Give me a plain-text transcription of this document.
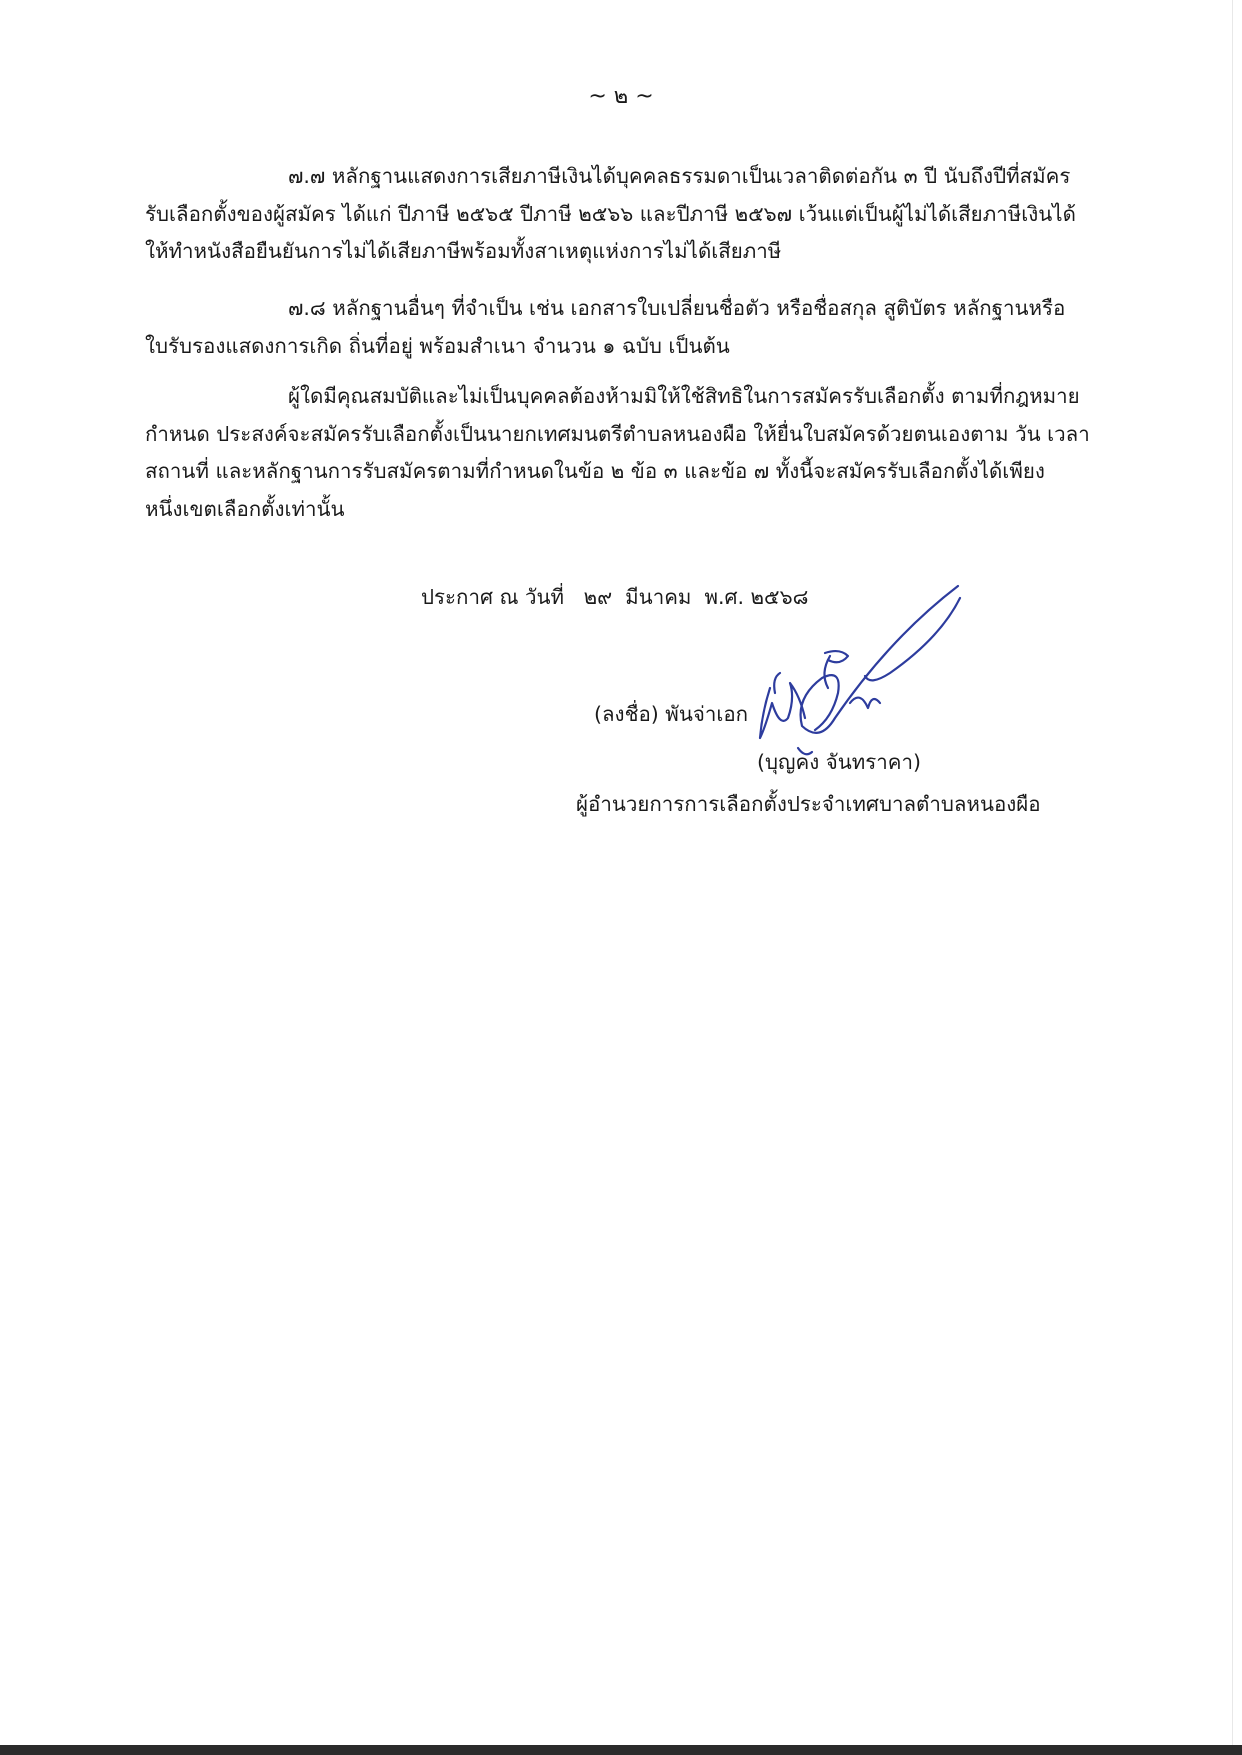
~ ๒ ~

๗.๗ หลักฐานแสดงการเสียภาษีเงินได้บุคคลธรรมดาเป็นเวลาติดต่อกัน ๓ ปี นับถึงปีที่สมัคร

รับเลือกตั้งของผู้สมัคร ได้แก่ ปีภาษี ๒๕๖๕ ปีภาษี ๒๕๖๖ และปีภาษี ๒๕๖๗ เว้นแต่เป็นผู้ไม่ได้เสียภาษีเงินได้

ให้ทำหนังสือยืนยันการไม่ได้เสียภาษีพร้อมทั้งสาเหตุแห่งการไม่ได้เสียภาษี

๗.๘ หลักฐานอื่นๆ ที่จำเป็น เช่น เอกสารใบเปลี่ยนชื่อตัว หรือชื่อสกุล สูติบัตร หลักฐานหรือ

ใบรับรองแสดงการเกิด ถิ่นที่อยู่ พร้อมสำเนา จำนวน ๑ ฉบับ เป็นต้น

ผู้ใดมีคุณสมบัติและไม่เป็นบุคคลต้องห้ามมิให้ใช้สิทธิในการสมัครรับเลือกตั้ง ตามที่กฎหมาย

กำหนด ประสงค์จะสมัครรับเลือกตั้งเป็นนายกเทศมนตรีตำบลหนองผือ ให้ยื่นใบสมัครด้วยตนเองตาม วัน เวลา

สถานที่ และหลักฐานการรับสมัครตามที่กำหนดในข้อ ๒ ข้อ ๓ และข้อ ๗ ทั้งนี้จะสมัครรับเลือกตั้งได้เพียง

หนึ่งเขตเลือกตั้งเท่านั้น

ประกาศ ณ วันที่   ๒๙  มีนาคม  พ.ศ. ๒๕๖๘
(ลงชื่อ) พันจ่าเอก
(บุญคง จันทราคา)
ผู้อำนวยการการเลือกตั้งประจำเทศบาลตำบลหนองผือ
